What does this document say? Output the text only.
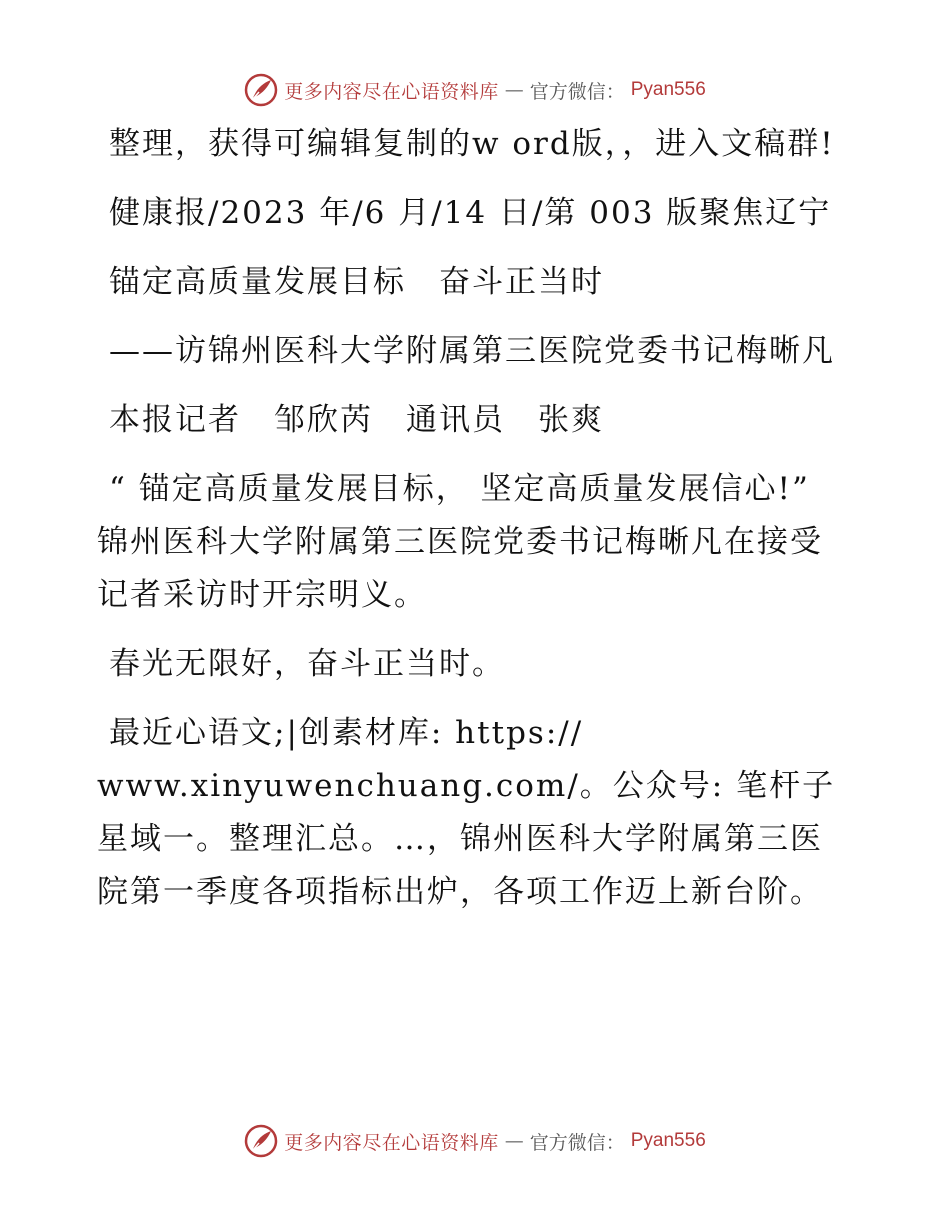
更多内容尽在心语资料库 — 官方微信： Pyan556

整理，获得可编辑复制的w ord版，，进入文稿群!

健康报/2023 年/6 月/14 日/第 003 版聚焦辽宁

锚定高质量发展目标　奋斗正当时

——访锦州医科大学附属第三医院党委书记梅晰凡

本报记者　邹欣芮　通讯员　张爽

“ 锚定高质量发展目标， 坚定高质量发展信心!” 锦州医科大学附属第三医院党委书记梅晰凡在接受记者采访时开宗明义。

春光无限好，奋斗正当时。

最近心语文;|创素材库: https://
www.xinyuwenchuang.com/。公众号: 笔杆子星域一。整理汇总。…，锦州医科大学附属第三医院第一季度各项指标出炉，各项工作迈上新台阶。

更多内容尽在心语资料库 — 官方微信： Pyan556
